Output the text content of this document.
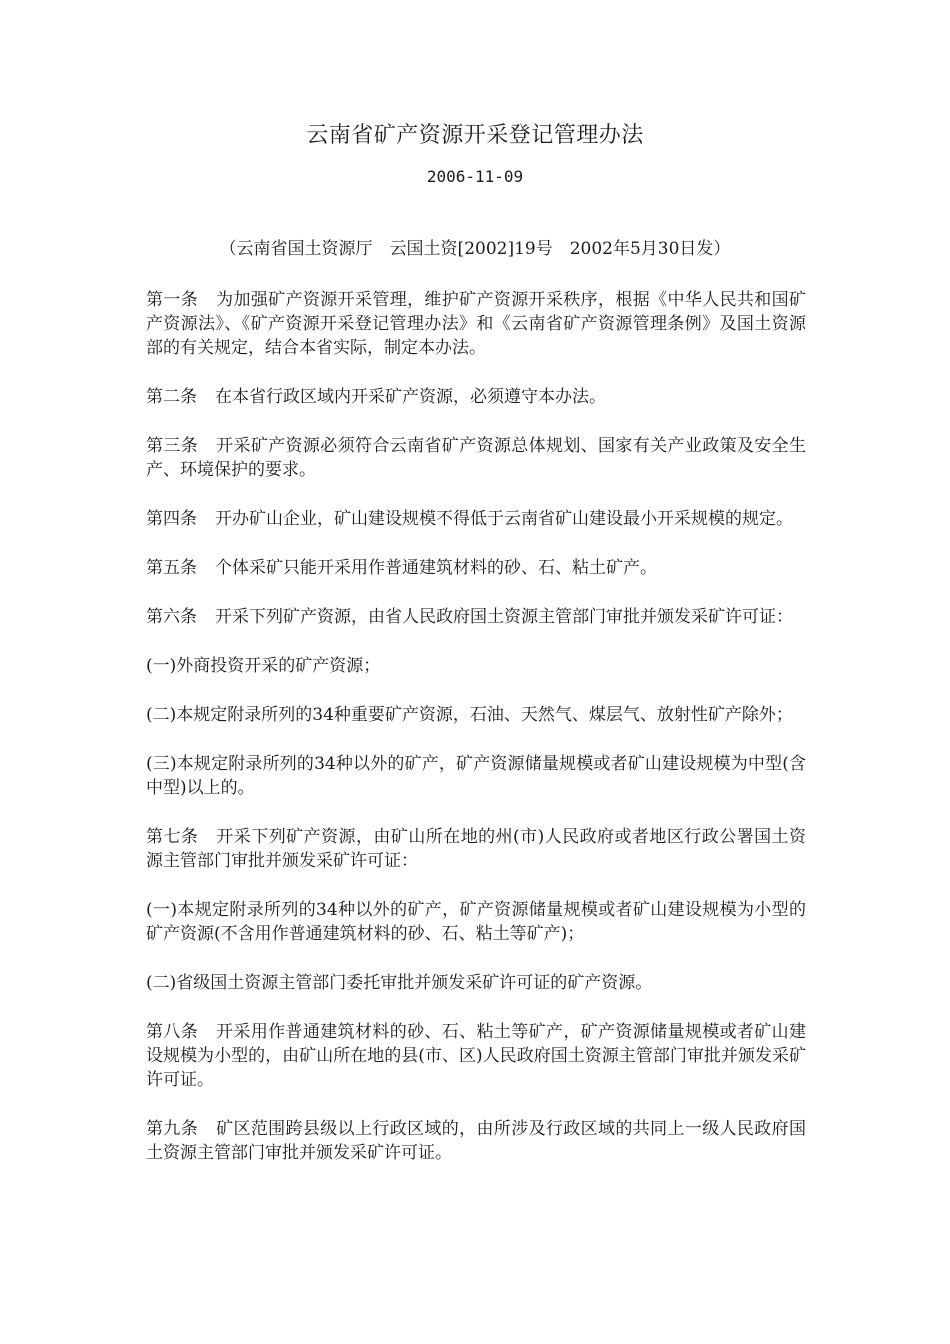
云南省矿产资源开采登记管理办法
2006-11-09
（云南省国土资源厅　云国土资[2002]19号　2002年5月30日发）

第一条 为加强矿产资源开采管理，维护矿产资源开采秩序，根据《中华人民共和国矿产资源法》、《矿产资源开采登记管理办法》和《云南省矿产资源管理条例》及国土资源部的有关规定，结合本省实际，制定本办法。

第二条 在本省行政区域内开采矿产资源，必须遵守本办法。

第三条 开采矿产资源必须符合云南省矿产资源总体规划、国家有关产业政策及安全生产、环境保护的要求。

第四条 开办矿山企业，矿山建设规模不得低于云南省矿山建设最小开采规模的规定。

第五条 个体采矿只能开采用作普通建筑材料的砂、石、粘土矿产。

第六条 开采下列矿产资源，由省人民政府国土资源主管部门审批并颁发采矿许可证：

(一)外商投资开采的矿产资源；

(二)本规定附录所列的34种重要矿产资源，石油、天然气、煤层气、放射性矿产除外；

(三)本规定附录所列的34种以外的矿产，矿产资源储量规模或者矿山建设规模为中型(含中型)以上的。

第七条 开采下列矿产资源，由矿山所在地的州(市)人民政府或者地区行政公署国土资源主管部门审批并颁发采矿许可证：

(一)本规定附录所列的34种以外的矿产，矿产资源储量规模或者矿山建设规模为小型的矿产资源(不含用作普通建筑材料的砂、石、粘土等矿产)；

(二)省级国土资源主管部门委托审批并颁发采矿许可证的矿产资源。

第八条 开采用作普通建筑材料的砂、石、粘土等矿产，矿产资源储量规模或者矿山建设规模为小型的，由矿山所在地的县(市、区)人民政府国土资源主管部门审批并颁发采矿许可证。

第九条 矿区范围跨县级以上行政区域的，由所涉及行政区域的共同上一级人民政府国土资源主管部门审批并颁发采矿许可证。
